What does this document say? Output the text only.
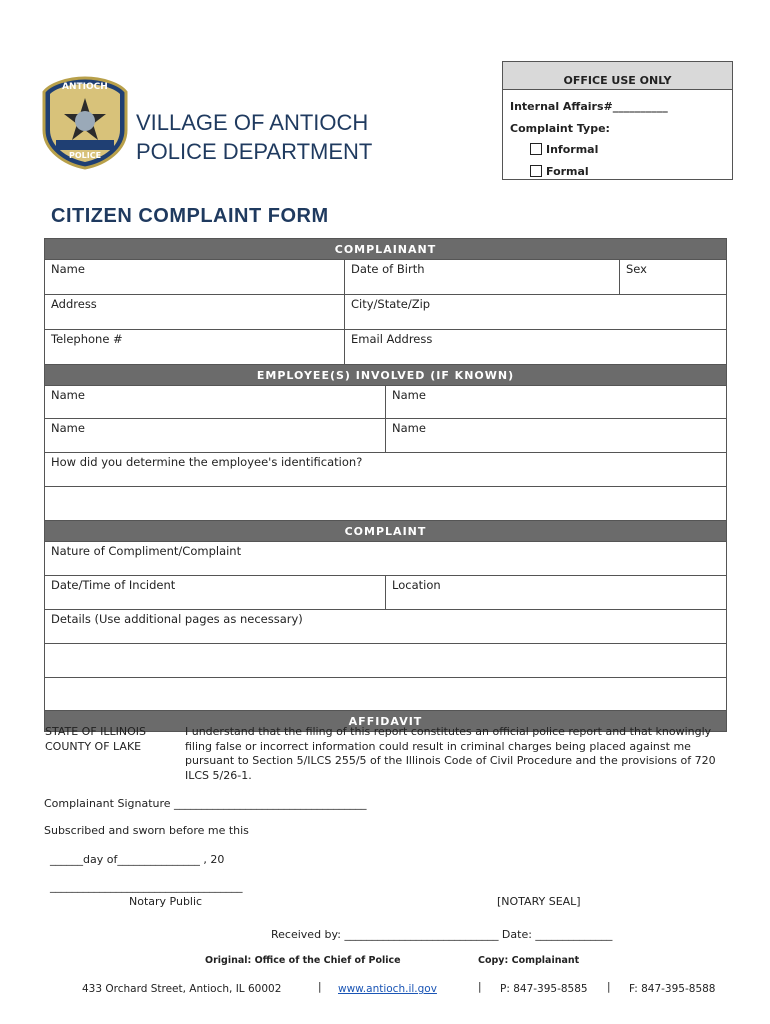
ANTIOCH
POLICE
VILLAGE OF ANTIOCH
POLICE DEPARTMENT
OFFICE USE ONLY
Internal Affairs#__________
Complaint Type:
Informal
Formal
CITIZEN COMPLAINT FORM
COMPLAINANT
Name	Date of Birth	Sex
Address	City/State/Zip
Telephone #	Email Address
EMPLOYEE(S) INVOLVED (IF KNOWN)
Name	Name
Name	Name
How did you determine the employee's identification?
COMPLAINT
Nature of Compliment/Complaint
Date/Time of Incident	Location
Details (Use additional pages as necessary)
AFFIDAVIT
STATE OF ILLINOIS
COUNTY OF LAKE
I understand that the filing of this report constitutes an official police report and that knowingly filing false or incorrect information could result in criminal charges being placed against me pursuant to Section 5/ILCS 255/5 of the Illinois Code of Civil Procedure and the provisions of 720 ILCS 5/26-1.
Complainant Signature ___________________________________
Subscribed and sworn before me this
______day of_______________ , 20
___________________________________
Notary Public	[NOTARY SEAL]
Received by: ____________________________ Date: ______________
Original: Office of the Chief of Police	Copy: Complainant
433 Orchard Street, Antioch, IL 60002	| www.antioch.il.gov	| P: 847-395-8585 | F: 847-395-8588
